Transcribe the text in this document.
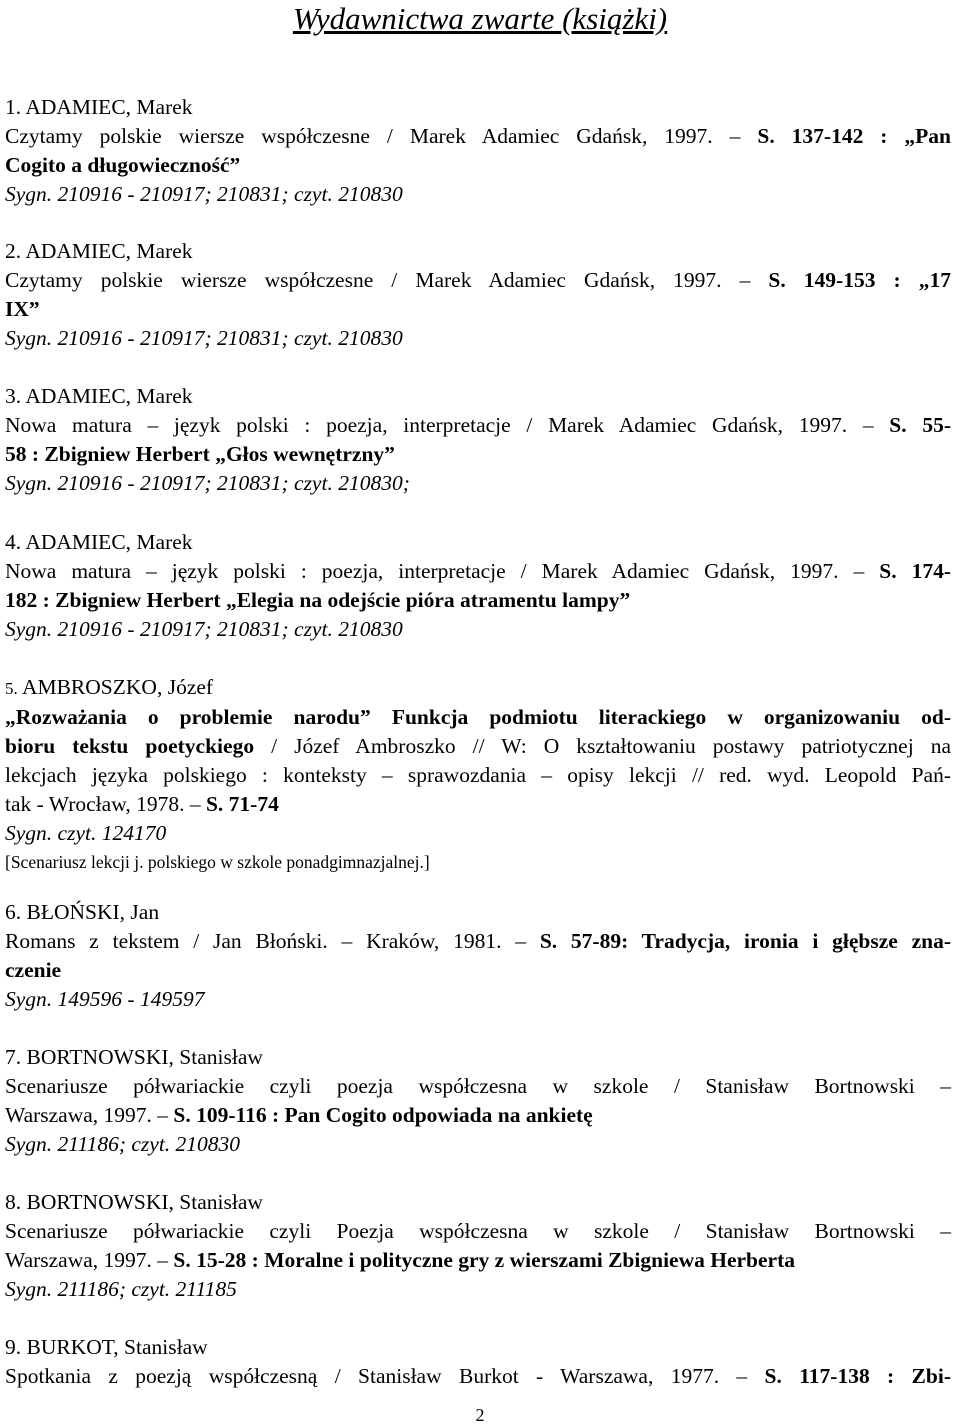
Wydawnictwa zwarte (książki)
1. ADAMIEC, Marek
Czytamy polskie wiersze współczesne / Marek Adamiec Gdańsk, 1997. – S. 137-142 : „Pan
Cogito a długowieczność”
Sygn. 210916 - 210917; 210831; czyt. 210830
2. ADAMIEC, Marek
Czytamy polskie wiersze współczesne / Marek Adamiec Gdańsk, 1997. – S. 149-153 : „17
IX”
Sygn. 210916 - 210917; 210831; czyt. 210830
3. ADAMIEC, Marek
Nowa matura – język polski : poezja, interpretacje / Marek Adamiec Gdańsk, 1997. – S. 55-
58 : Zbigniew Herbert „Głos wewnętrzny”
Sygn. 210916 - 210917; 210831; czyt. 210830;
4. ADAMIEC, Marek
Nowa matura – język polski : poezja, interpretacje / Marek Adamiec Gdańsk, 1997. – S. 174-
182 : Zbigniew Herbert „Elegia na odejście pióra atramentu lampy”
Sygn. 210916 - 210917; 210831; czyt. 210830
5. AMBROSZKO, Józef
„Rozważania o problemie narodu” Funkcja podmiotu literackiego w organizowaniu od-
bioru tekstu poetyckiego / Józef Ambroszko // W: O kształtowaniu postawy patriotycznej na
lekcjach języka polskiego : konteksty – sprawozdania – opisy lekcji // red. wyd. Leopold Pań-
tak - Wrocław, 1978. – S. 71-74
Sygn. czyt. 124170
[Scenariusz lekcji j. polskiego w szkole ponadgimnazjalnej.]
6. BŁOŃSKI, Jan
Romans z tekstem / Jan Błoński. – Kraków, 1981. – S. 57-89: Tradycja, ironia i głębsze zna-
czenie
Sygn. 149596 - 149597
7. BORTNOWSKI, Stanisław
Scenariusze półwariackie czyli poezja współczesna w szkole / Stanisław Bortnowski –
Warszawa, 1997. – S. 109-116 : Pan Cogito odpowiada na ankietę
Sygn. 211186; czyt. 210830
8. BORTNOWSKI, Stanisław
Scenariusze półwariackie czyli Poezja współczesna w szkole / Stanisław Bortnowski –
Warszawa, 1997. – S. 15-28 : Moralne i polityczne gry z wierszami Zbigniewa Herberta
Sygn. 211186; czyt. 211185
9. BURKOT, Stanisław
Spotkania z poezją współczesną / Stanisław Burkot - Warszawa, 1977. – S. 117-138 : Zbi-
2
